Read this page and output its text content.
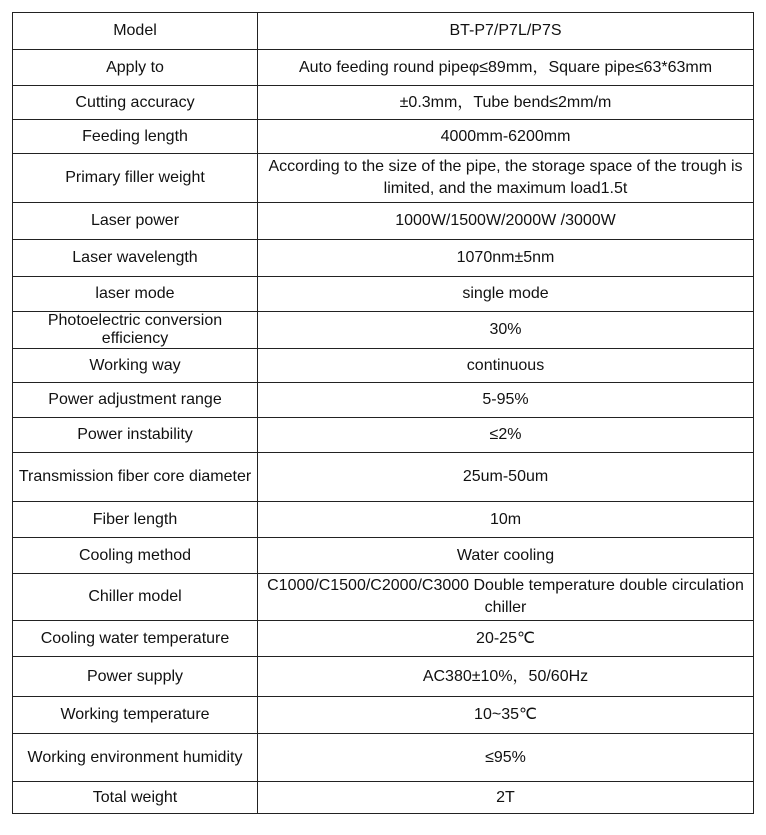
Model	BT-P7/P7L/P7S
Apply to	Auto feeding round pipeφ≤89mm，Square pipe≤63*63mm
Cutting accuracy	±0.3mm，Tube bend≤2mm/m
Feeding length	4000mm-6200mm
Primary filler weight	According to the size of the pipe, the storage space of the trough is limited, and the maximum load1.5t
Laser power	1000W/1500W/2000W /3000W
Laser wavelength	1070nm±5nm
laser mode	single mode
Photoelectric conversion efficiency	30%
Working way	continuous
Power adjustment range	5-95%
Power instability	≤2%
Transmission fiber core diameter	25um-50um
Fiber length	10m
Cooling method	Water cooling
Chiller model	C1000/C1500/C2000/C3000 Double temperature double circulation chiller
Cooling water temperature	20-25℃
Power supply	AC380±10%，50/60Hz
Working temperature	10~35℃
Working environment humidity	≤95%
Total weight	2T
